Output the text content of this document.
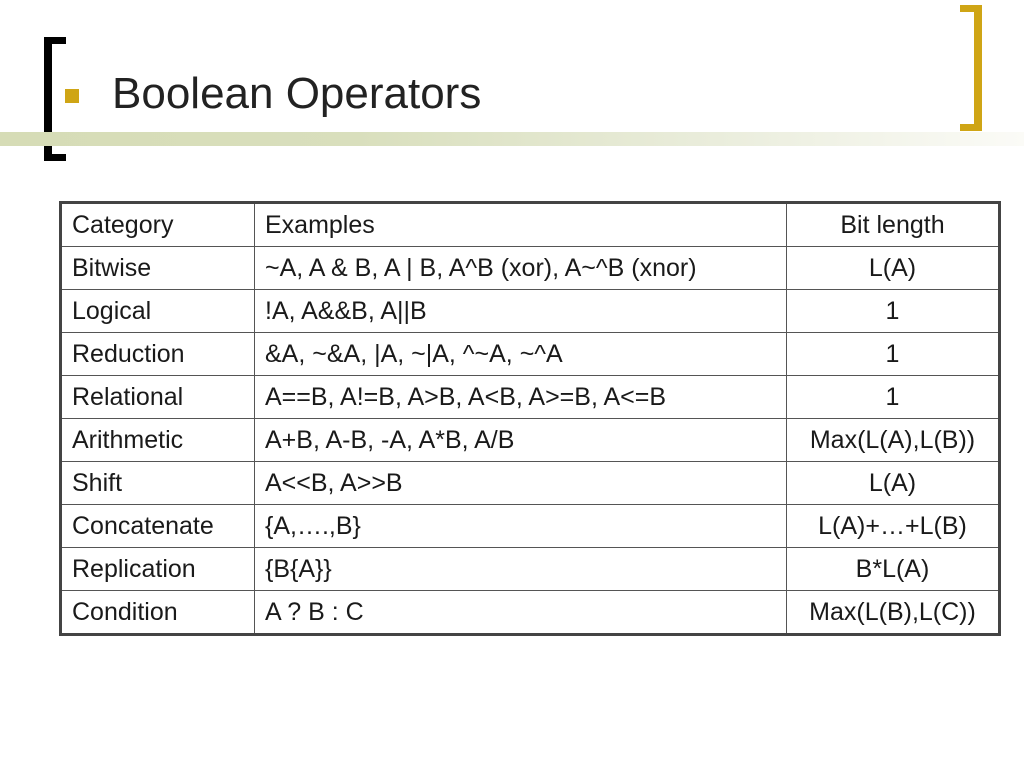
Boolean Operators
Category	Examples	Bit length
Bitwise	~A, A & B, A | B, A^B (xor), A~^B (xnor)	L(A)
Logical	!A, A&&B, A||B	1
Reduction	&A, ~&A, |A, ~|A, ^~A, ~^A	1
Relational	A==B, A!=B, A>B, A<B, A>=B, A<=B	1
Arithmetic	A+B, A-B, -A, A*B, A/B	Max(L(A),L(B))
Shift	A<<B, A>>B	L(A)
Concatenate	{A,….,B}	L(A)+…+L(B)
Replication	{B{A}}	B*L(A)
Condition	A ? B : C	Max(L(B),L(C))
